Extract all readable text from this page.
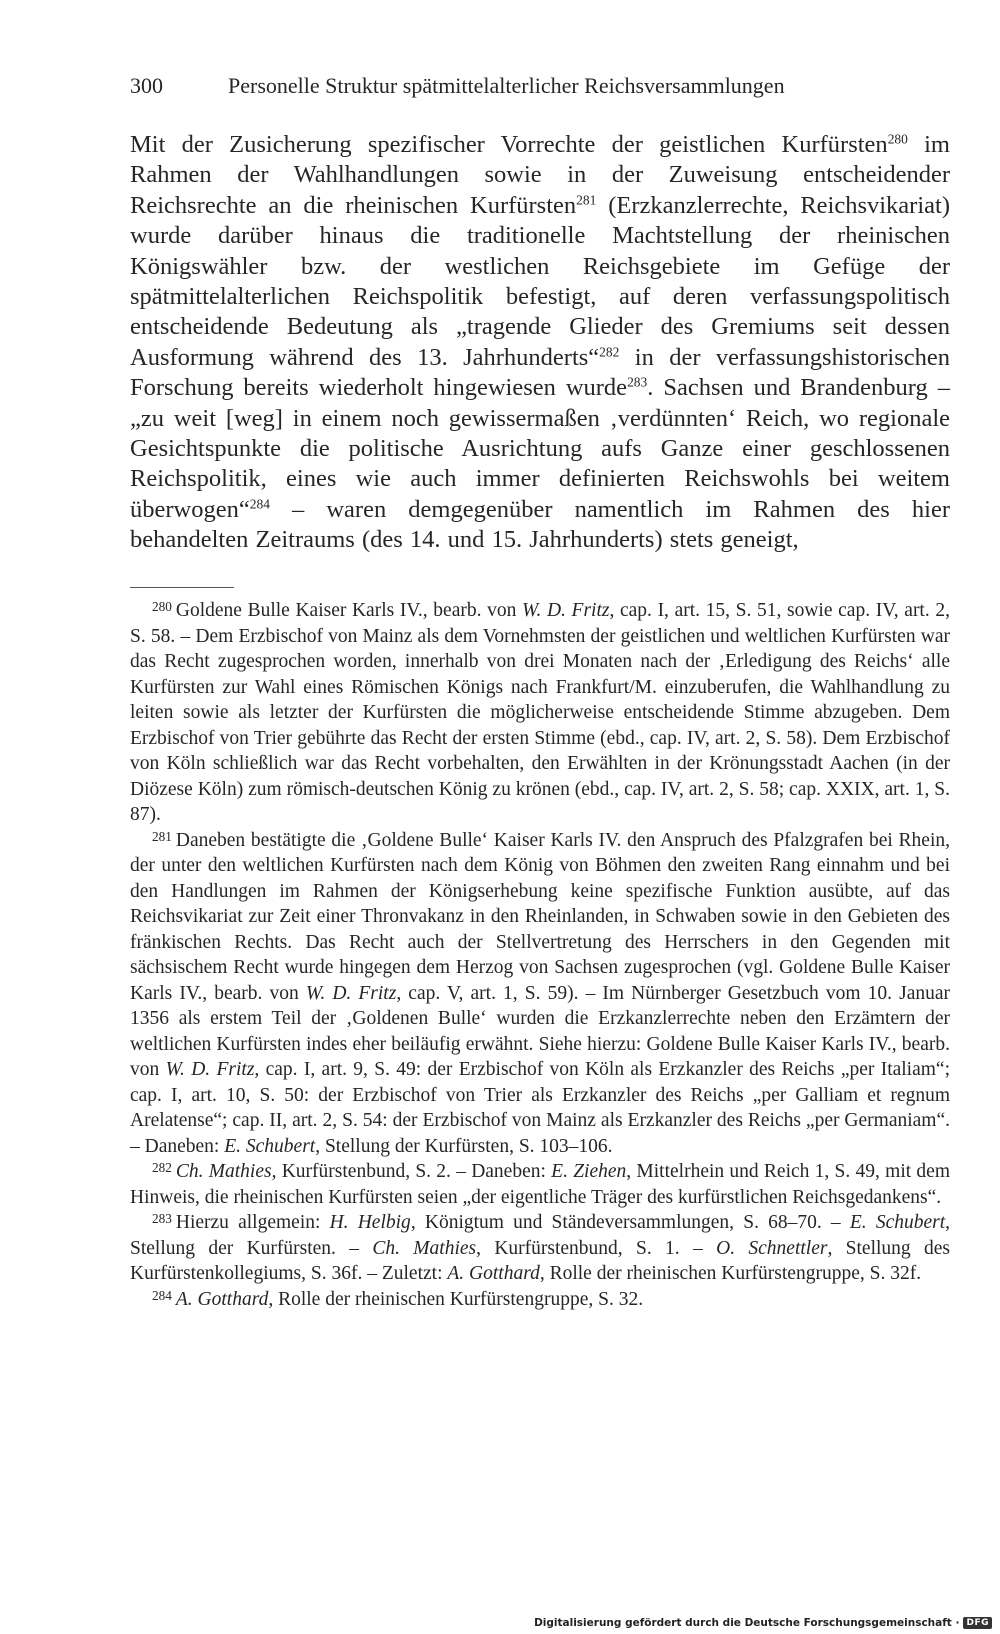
300	Personelle Struktur spätmittelalterlicher Reichsversammlungen
Mit der Zusicherung spezifischer Vorrechte der geistlichen Kurfürsten$^{280}$ im Rahmen der Wahlhandlungen sowie in der Zuweisung entscheidender Reichsrechte an die rheinischen Kurfürsten$^{281}$ (Erzkanzlerrechte, Reichsvikariat) wurde darüber hinaus die traditionelle Machtstellung der rheinischen Königswähler bzw. der westlichen Reichsgebiete im Gefüge der spätmittelalterlichen Reichspolitik befestigt, auf deren verfassungspolitisch entscheidende Bedeutung als „tragende Glieder des Gremiums seit dessen Ausformung während des 13. Jahrhunderts“$^{282}$ in der verfassungshistorischen Forschung bereits wiederholt hingewiesen wurde$^{283}$. Sachsen und Brandenburg – „zu weit [weg] in einem noch gewissermaßen ‚verdünnten‘ Reich, wo regionale Gesichtspunkte die politische Ausrichtung aufs Ganze einer geschlossenen Reichspolitik, eines wie auch immer definierten Reichswohls bei weitem überwogen“$^{284}$ – waren demgegenüber namentlich im Rahmen des hier behandelten Zeitraums (des 14. und 15. Jahrhunderts) stets geneigt,

$^{280}$ Goldene Bulle Kaiser Karls IV., bearb. von W. D. Fritz, cap. I, art. 15, S. 51, sowie cap. IV, art. 2, S. 58. – Dem Erzbischof von Mainz als dem Vornehmsten der geistlichen und weltlichen Kurfürsten war das Recht zugesprochen worden, innerhalb von drei Monaten nach der ‚Erledigung des Reichs‘ alle Kurfürsten zur Wahl eines Römischen Königs nach Frankfurt/M. einzuberufen, die Wahlhandlung zu leiten sowie als letzter der Kurfürsten die möglicherweise entscheidende Stimme abzugeben. Dem Erzbischof von Trier gebührte das Recht der ersten Stimme (ebd., cap. IV, art. 2, S. 58). Dem Erzbischof von Köln schließlich war das Recht vorbehalten, den Erwählten in der Krönungsstadt Aachen (in der Diözese Köln) zum römisch-deutschen König zu krönen (ebd., cap. IV, art. 2, S. 58; cap. XXIX, art. 1, S. 87).

$^{281}$ Daneben bestätigte die ‚Goldene Bulle‘ Kaiser Karls IV. den Anspruch des Pfalzgrafen bei Rhein, der unter den weltlichen Kurfürsten nach dem König von Böhmen den zweiten Rang einnahm und bei den Handlungen im Rahmen der Königserhebung keine spezifische Funktion ausübte, auf das Reichsvikariat zur Zeit einer Thronvakanz in den Rheinlanden, in Schwaben sowie in den Gebieten des fränkischen Rechts. Das Recht auch der Stellvertretung des Herrschers in den Gegenden mit sächsischem Recht wurde hingegen dem Herzog von Sachsen zugesprochen (vgl. Goldene Bulle Kaiser Karls IV., bearb. von W. D. Fritz, cap. V, art. 1, S. 59). – Im Nürnberger Gesetzbuch vom 10. Januar 1356 als erstem Teil der ‚Goldenen Bulle‘ wurden die Erzkanzlerrechte neben den Erzämtern der weltlichen Kurfürsten indes eher beiläufig erwähnt. Siehe hierzu: Goldene Bulle Kaiser Karls IV., bearb. von W. D. Fritz, cap. I, art. 9, S. 49: der Erzbischof von Köln als Erzkanzler des Reichs „per Italiam“; cap. I, art. 10, S. 50: der Erzbischof von Trier als Erzkanzler des Reichs „per Galliam et regnum Arelatense“; cap. II, art. 2, S. 54: der Erzbischof von Mainz als Erzkanzler des Reichs „per Germaniam“. – Daneben: E. Schubert, Stellung der Kurfürsten, S. 103–106.

$^{282}$ Ch. Mathies, Kurfürstenbund, S. 2. – Daneben: E. Ziehen, Mittelrhein und Reich 1, S. 49, mit dem Hinweis, die rheinischen Kurfürsten seien „der eigentliche Träger des kurfürstlichen Reichsgedankens“.

$^{283}$ Hierzu allgemein: H. Helbig, Königtum und Ständeversammlungen, S. 68–70. – E. Schubert, Stellung der Kurfürsten. – Ch. Mathies, Kurfürstenbund, S. 1. – O. Schnettler, Stellung des Kurfürstenkollegiums, S. 36f. – Zuletzt: A. Gotthard, Rolle der rheinischen Kurfürstengruppe, S. 32f.

$^{284}$ A. Gotthard, Rolle der rheinischen Kurfürstengruppe, S. 32.

Digitalisierung gefördert durch die Deutsche Forschungsgemeinschaft · DFG
